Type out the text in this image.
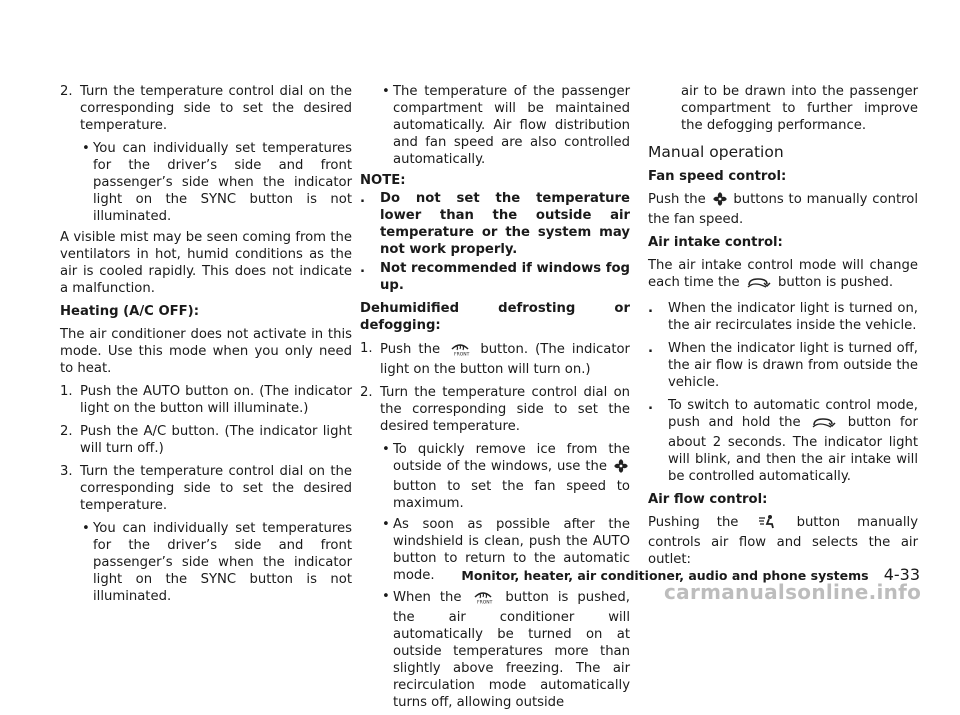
2. Turn the temperature control dial on the corresponding side to set the desired temperature.
• You can individually set temperatures for the driver’s side and front passenger’s side when the indicator light on the SYNC button is not illuminated.
A visible mist may be seen coming from the ventilators in hot, humid conditions as the air is cooled rapidly. This does not indicate a malfunction.
Heating (A/C OFF):
The air conditioner does not activate in this mode. Use this mode when you only need to heat.
1. Push the AUTO button on. (The indicator light on the button will illuminate.)
2. Push the A/C button. (The indicator light will turn off.)
3. Turn the temperature control dial on the corresponding side to set the desired temperature.
• You can individually set temperatures for the driver’s side and front passenger’s side when the indicator light on the SYNC button is not illuminated.
• The temperature of the passenger compartment will be maintained automatically. Air flow distribution and fan speed are also controlled automatically.
NOTE:
. Do not set the temperature lower than the outside air temperature or the system may not work properly.
. Not recommended if windows fog up.
Dehumidified defrosting or defogging:
1. Push the	FRONT button. (The indicator light on the button will turn on.)
2. Turn the temperature control dial on the corresponding side to set the desired temperature.
• To quickly remove ice from the outside of the windows, use the  button to set the fan speed to maximum.
• As soon as possible after the windshield is clean, push the AUTO button to return to the automatic mode.
• When the	FRONT button is pushed, the air conditioner will automatically be turned on at outside temperatures more than slightly above freezing. The air recirculation mode automatically turns off, allowing outside
air to be drawn into the passenger compartment to further improve the defogging performance.
Manual operation
Fan speed control:
Push the buttons to manually control the fan speed.
Air intake control:
The air intake control mode will change each time the	button is pushed.
. When the indicator light is turned on, the air recirculates inside the vehicle.
. When the indicator light is turned off, the air flow is drawn from outside the vehicle.
. To switch to automatic control mode, push and hold the	button for about 2 seconds. The indicator light will blink, and then the air intake will be controlled automatically.
Air flow control:
Pushing the	button manually controls air flow and selects the air outlet:
Monitor, heater, air conditioner, audio and phone systems 4-33
carmanualsonline.info
